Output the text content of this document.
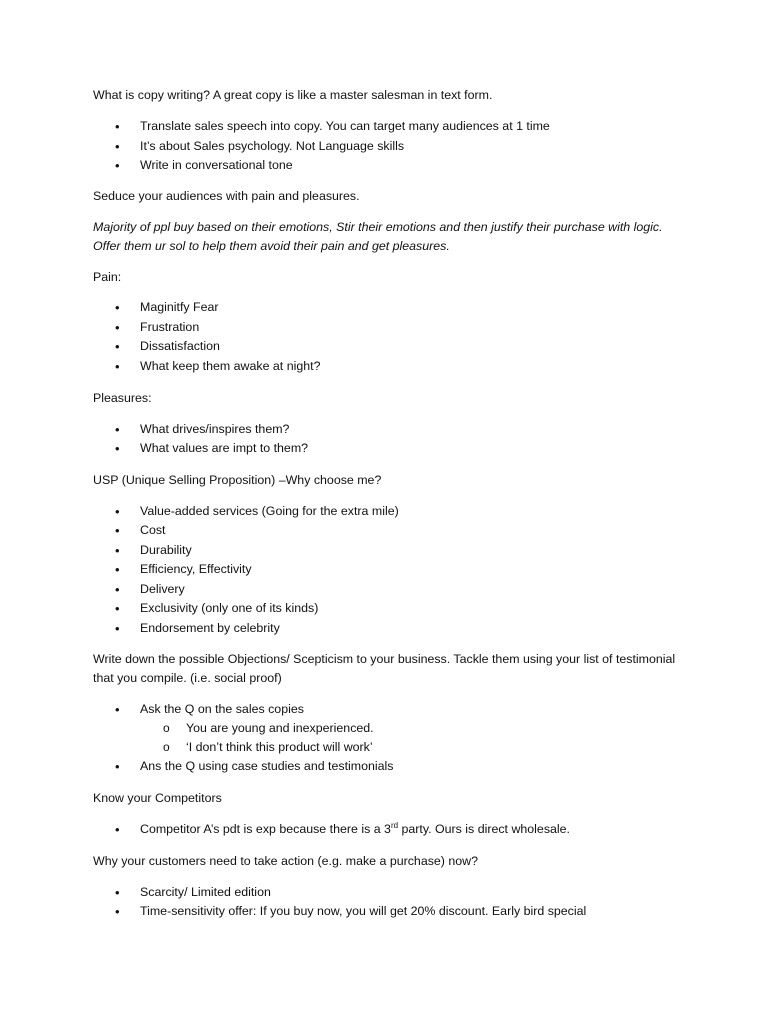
What is copy writing? A great copy is like a master salesman in text form.
• Translate sales speech into copy. You can target many audiences at 1 time
• It’s about Sales psychology. Not Language skills
• Write in conversational tone
Seduce your audiences with pain and pleasures.
Majority of ppl buy based on their emotions, Stir their emotions and then justify their purchase with logic. Offer them ur sol to help them avoid their pain and get pleasures.
Pain:
• Maginitfy Fear
• Frustration
• Dissatisfaction
• What keep them awake at night?
Pleasures:
• What drives/inspires them?
• What values are impt to them?
USP (Unique Selling Proposition) –Why choose me?
• Value-added services (Going for the extra mile)
• Cost
• Durability
• Efficiency, Effectivity
• Delivery
• Exclusivity (only one of its kinds)
• Endorsement by celebrity
Write down the possible Objections/ Scepticism to your business. Tackle them using your list of testimonial that you compile. (i.e. social proof)
• Ask the Q on the sales copies
o You are young and inexperienced.
o ‘I don’t think this product will work’
• Ans the Q using case studies and testimonials
Know your Competitors
• Competitor A’s pdt is exp because there is a 3rd party. Ours is direct wholesale.
Why your customers need to take action (e.g. make a purchase) now?
• Scarcity/ Limited edition
• Time-sensitivity offer: If you buy now, you will get 20% discount. Early bird special
